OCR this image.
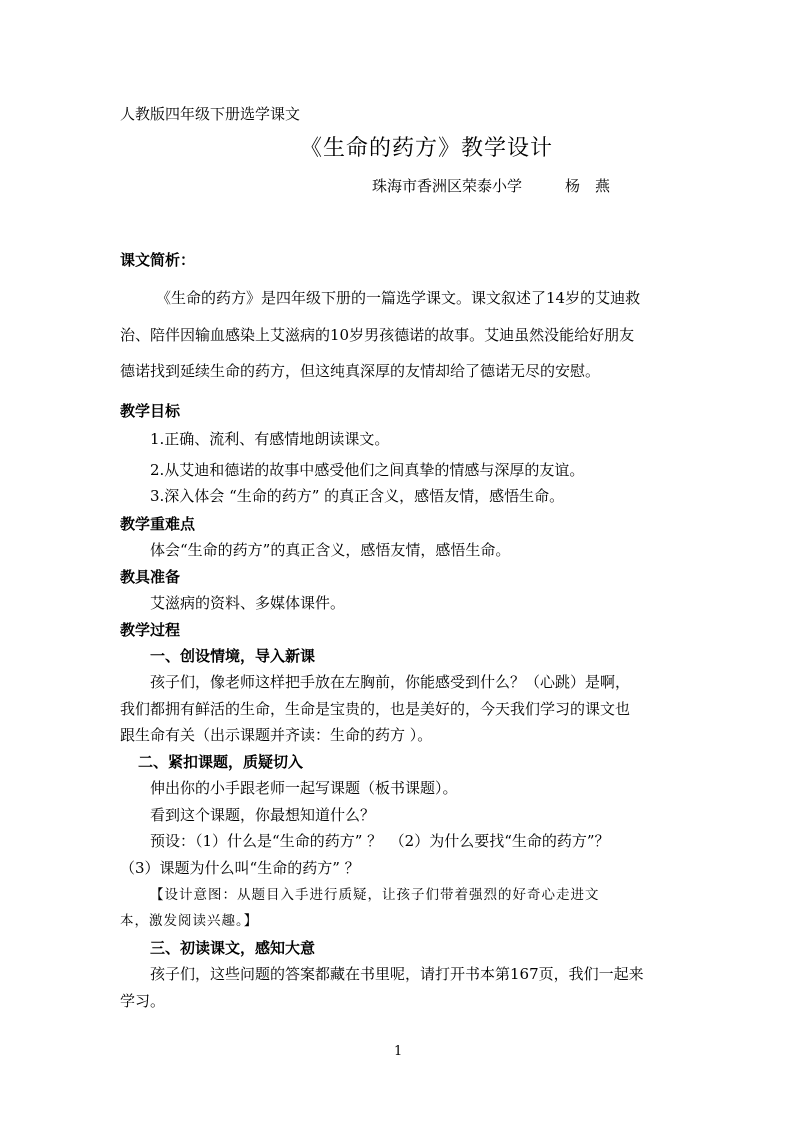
人教版四年级下册选学课文
《生命的药方》教学设计
珠海市香洲区荣泰小学	杨　燕
课文简析：
《生命的药方》是四年级下册的一篇选学课文。课文叙述了14岁的艾迪救
治、陪伴因输血感染上艾滋病的10岁男孩德诺的故事。艾迪虽然没能给好朋友
德诺找到延续生命的药方，但这纯真深厚的友情却给了德诺无尽的安慰。
教学目标
1.正确、流利、有感情地朗读课文。
2.从艾迪和德诺的故事中感受他们之间真挚的情感与深厚的友谊。
3.深入体会 “生命的药方” 的真正含义，感悟友情，感悟生命。
教学重难点
体会“生命的药方”的真正含义，感悟友情，感悟生命。
教具准备
艾滋病的资料、多媒体课件。
教学过程
一、创设情境，导入新课
孩子们，像老师这样把手放在左胸前，你能感受到什么？（心跳）是啊，
我们都拥有鲜活的生命，生命是宝贵的，也是美好的，今天我们学习的课文也
跟生命有关（出示课题并齐读：生命的药方 ）。
二、紧扣课题，质疑切入
伸出你的小手跟老师一起写课题（板书课题）。
看到这个课题，你最想知道什么？
预设：（1）什么是“生命的药方” ？　（2）为什么要找“生命的药方”？
（3）课题为什么叫“生命的药方” ？
【设计意图：从题目入手进行质疑，让孩子们带着强烈的好奇心走进文
本，激发阅读兴趣。】
三、初读课文，感知大意
孩子们，这些问题的答案都藏在书里呢，请打开书本第167页，我们一起来
学习。
1
